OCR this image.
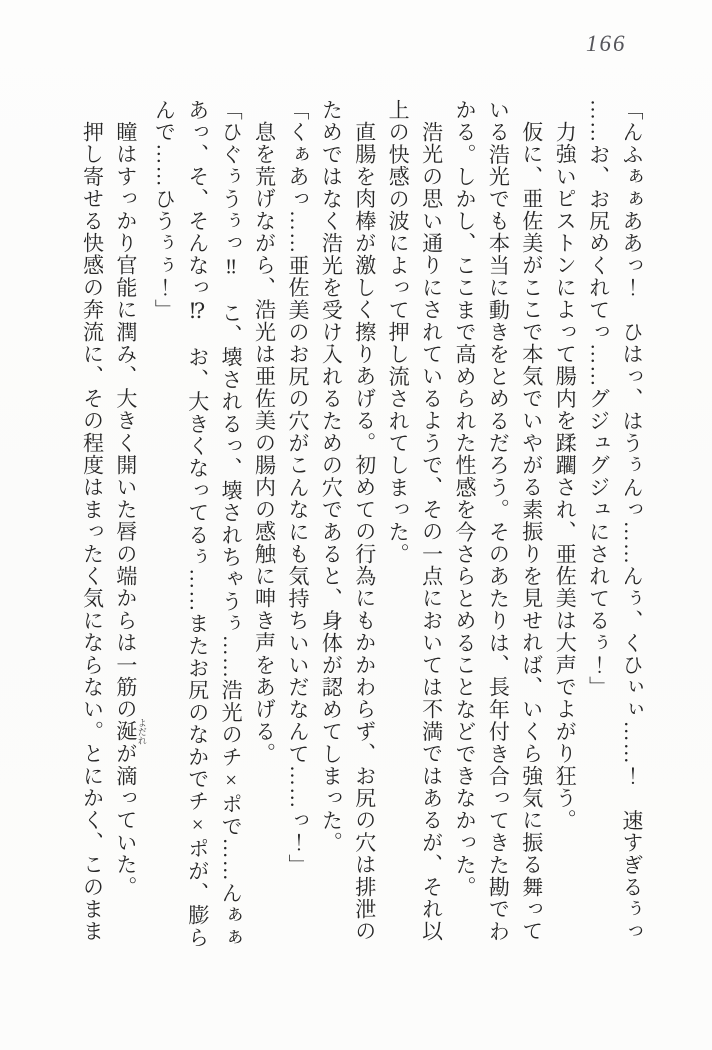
166

「んふぁぁああっ！　ひはっ、はうぅんっ……んぅ、くひぃぃ……！　速すぎるぅっ

……お、お尻めくれてっ……グジュグジュにされてるぅ！」

力強いピストンによって腸内を蹂躙され、亜佐美は大声でよがり狂う。

仮に、亜佐美がここで本気でいやがる素振りを見せれば、いくら強気に振る舞って

いる浩光でも本当に動きをとめるだろう。そのあたりは、長年付き合ってきた勘でわ

かる。しかし、ここまで高められた性感を今さらとめることなどできなかった。

浩光の思い通りにされているようで、その一点においては不満ではあるが、それ以

上の快感の波によって押し流されてしまった。

直腸を肉棒が激しく擦りあげる。初めての行為にもかかわらず、お尻の穴は排泄の

ためではなく浩光を受け入れるための穴であると、身体が認めてしまった。

「くぁあっ……亜佐美のお尻の穴がこんなにも気持ちいいだなんて……っ！」

息を荒げながら、浩光は亜佐美の腸内の感触に呻き声をあげる。

「ひぐぅうぅっ‼　こ、壊されるっ、壊されちゃうぅ……浩光のチ×ポで……んぁぁ

あっ、そ、そんなっ⁉　お、大きくなってるぅ……またお尻のなかでチ×ポが、膨ら

んで……ひうぅぅ！」

瞳はすっかり官能に潤み、大きく開いた唇の端からは一筋の涎 よだれが滴っていた。

押し寄せる快感の奔流に、その程度はまったく気にならない。とにかく、このまま
